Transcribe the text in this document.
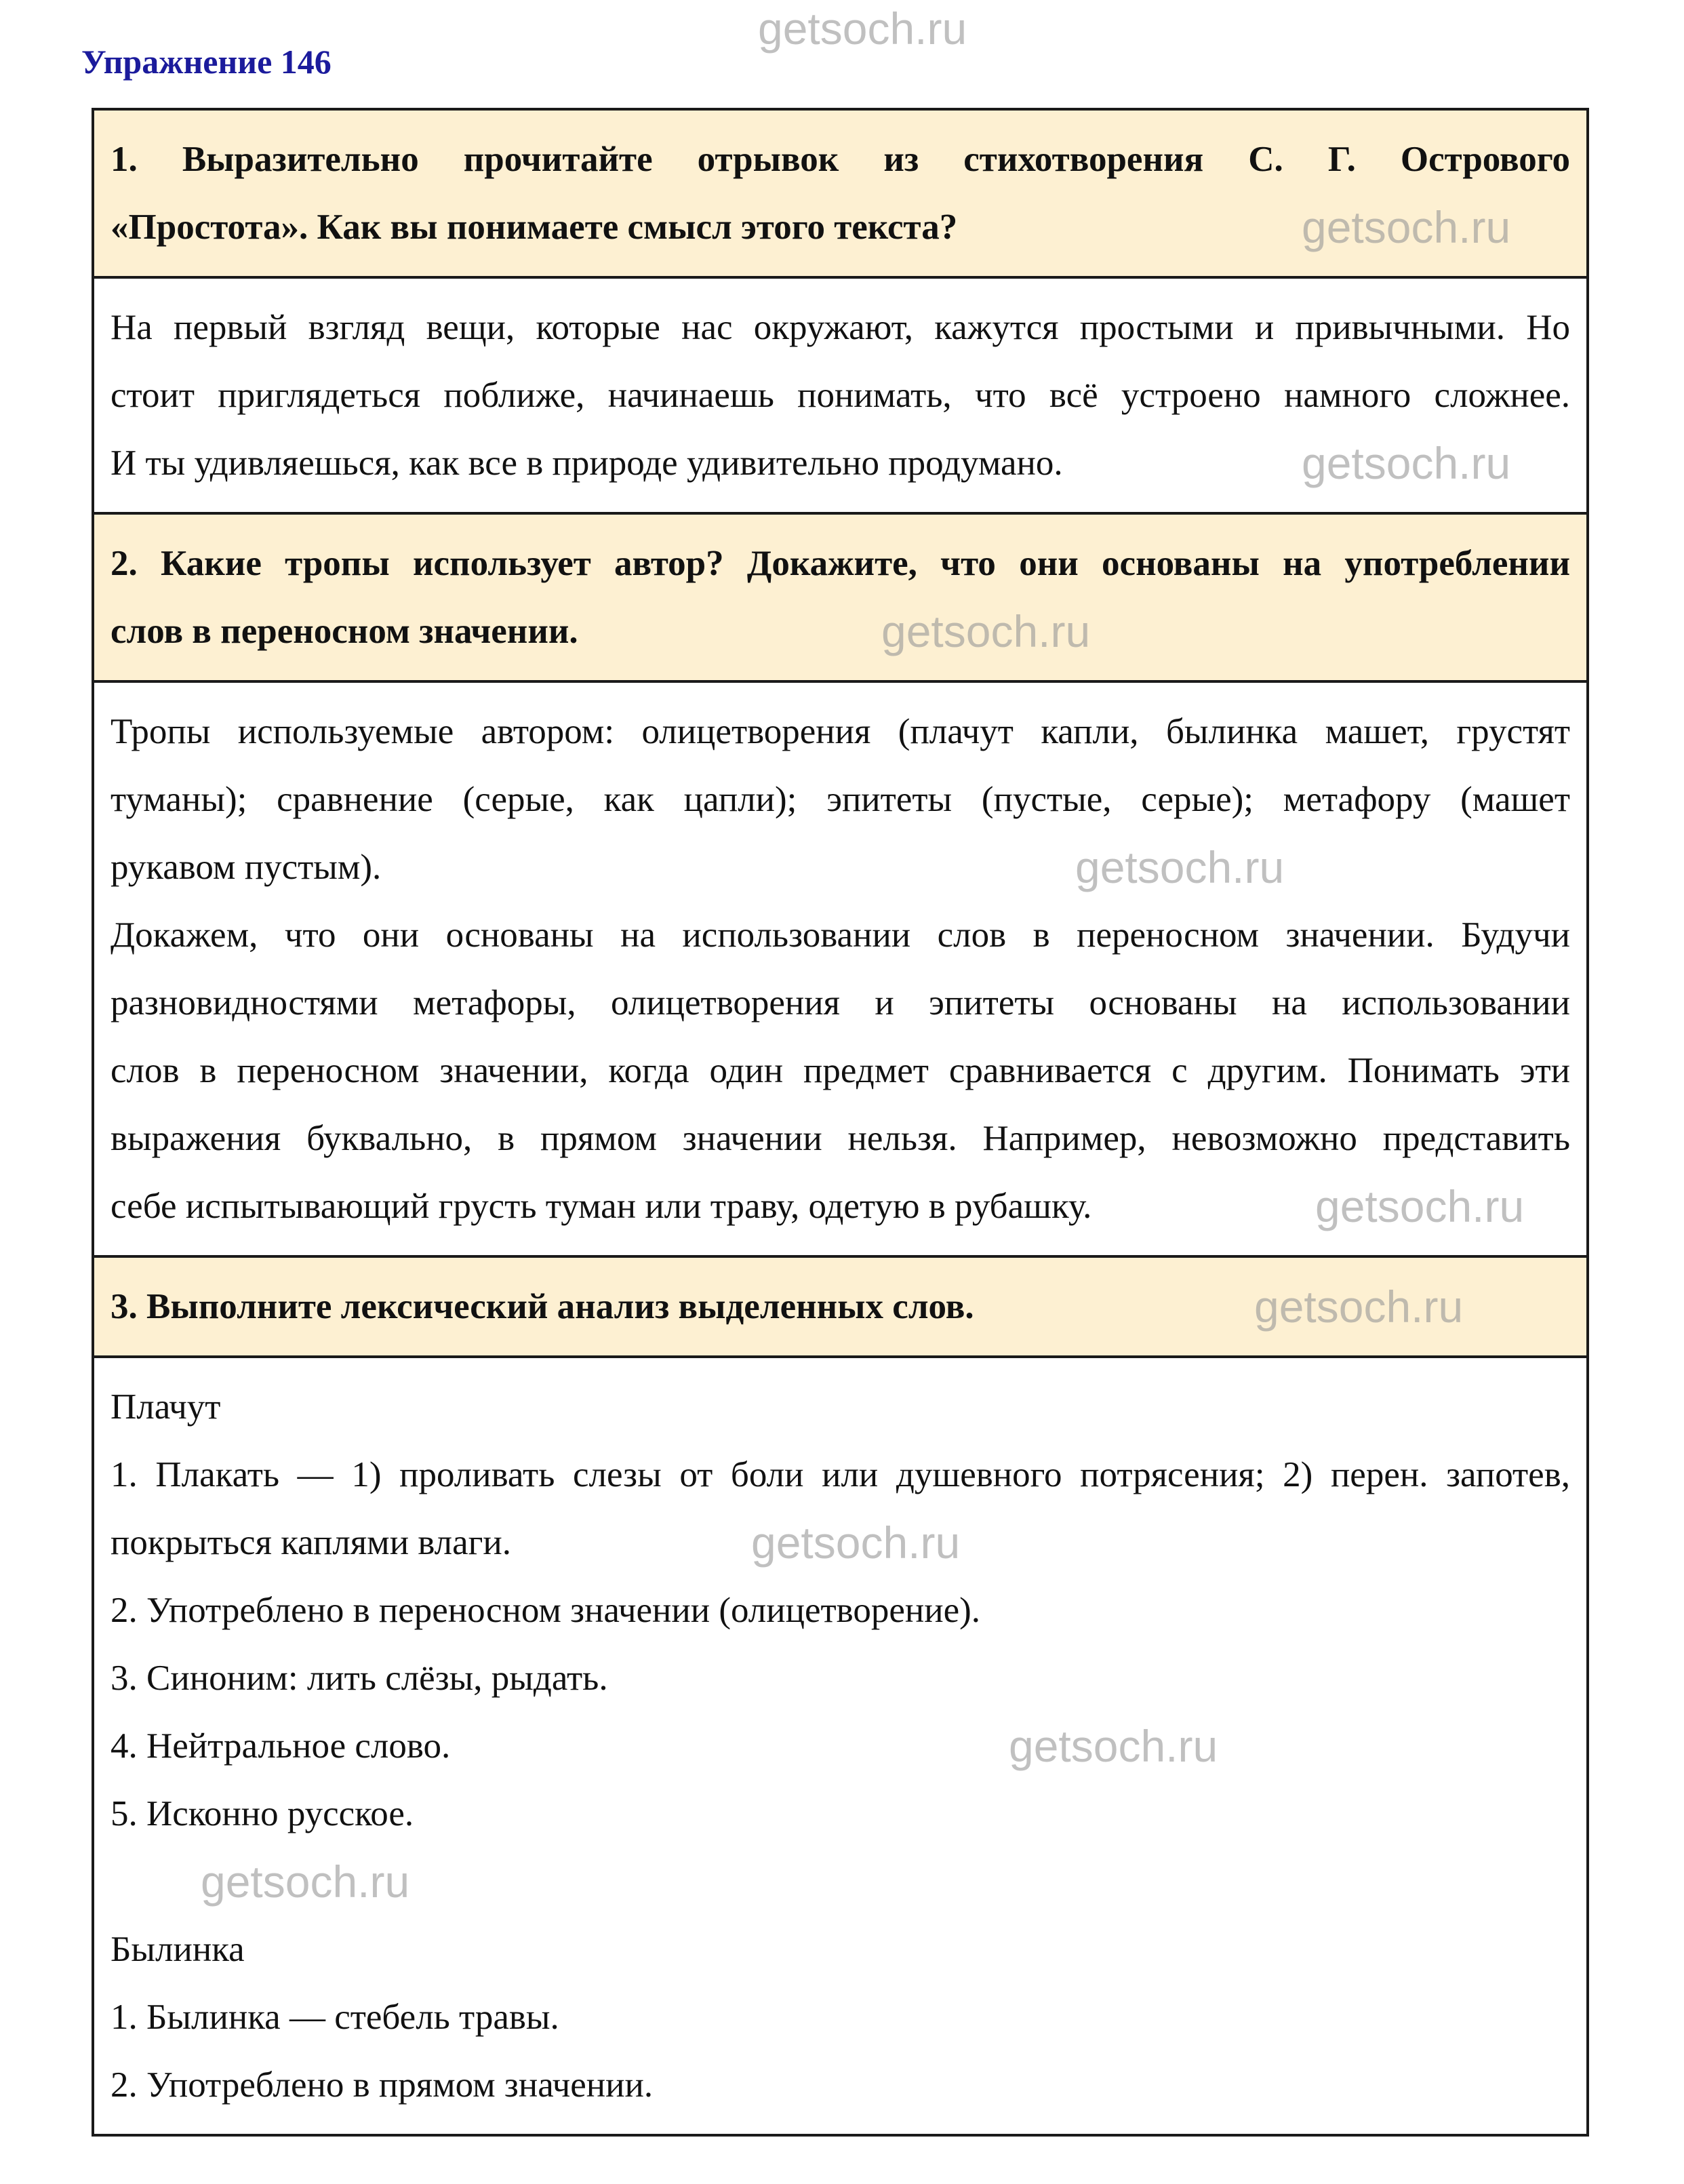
Упражнение 146
1. Выразительно прочитайте отрывок из стихотворения С. Г. Острового
«Простота». Как вы понимаете смысл этого текста?
На первый взгляд вещи, которые нас окружают, кажутся простыми и привычными. Но
стоит приглядеться поближе, начинаешь понимать, что всё устроено намного сложнее.
И ты удивляешься, как все в природе удивительно продумано.
2. Какие тропы использует автор? Докажите, что они основаны на употреблении
слов в переносном значении.
Тропы используемые автором: олицетворения (плачут капли, былинка машет, грустят
туманы); сравнение (серые, как цапли); эпитеты (пустые, серые); метафору (машет
рукавом пустым).
Докажем, что они основаны на использовании слов в переносном значении. Будучи
разновидностями метафоры, олицетворения и эпитеты основаны на использовании
слов в переносном значении, когда один предмет сравнивается с другим. Понимать эти
выражения буквально, в прямом значении нельзя. Например, невозможно представить
себе испытывающий грусть туман или траву, одетую в рубашку.
3. Выполните лексический анализ выделенных слов.
Плачут
1. Плакать — 1) проливать слезы от боли или душевного потрясения; 2) перен. запотев,
покрыться каплями влаги.
2. Употреблено в переносном значении (олицетворение).
3. Синоним: лить слёзы, рыдать.
4. Нейтральное слово.
5. Исконно русское.
Былинка
1. Былинка — стебель травы.
2. Употреблено в прямом значении.
getsoch.ru
getsoch.ru
getsoch.ru
getsoch.ru
getsoch.ru
getsoch.ru
getsoch.ru
getsoch.ru
getsoch.ru
getsoch.ru
